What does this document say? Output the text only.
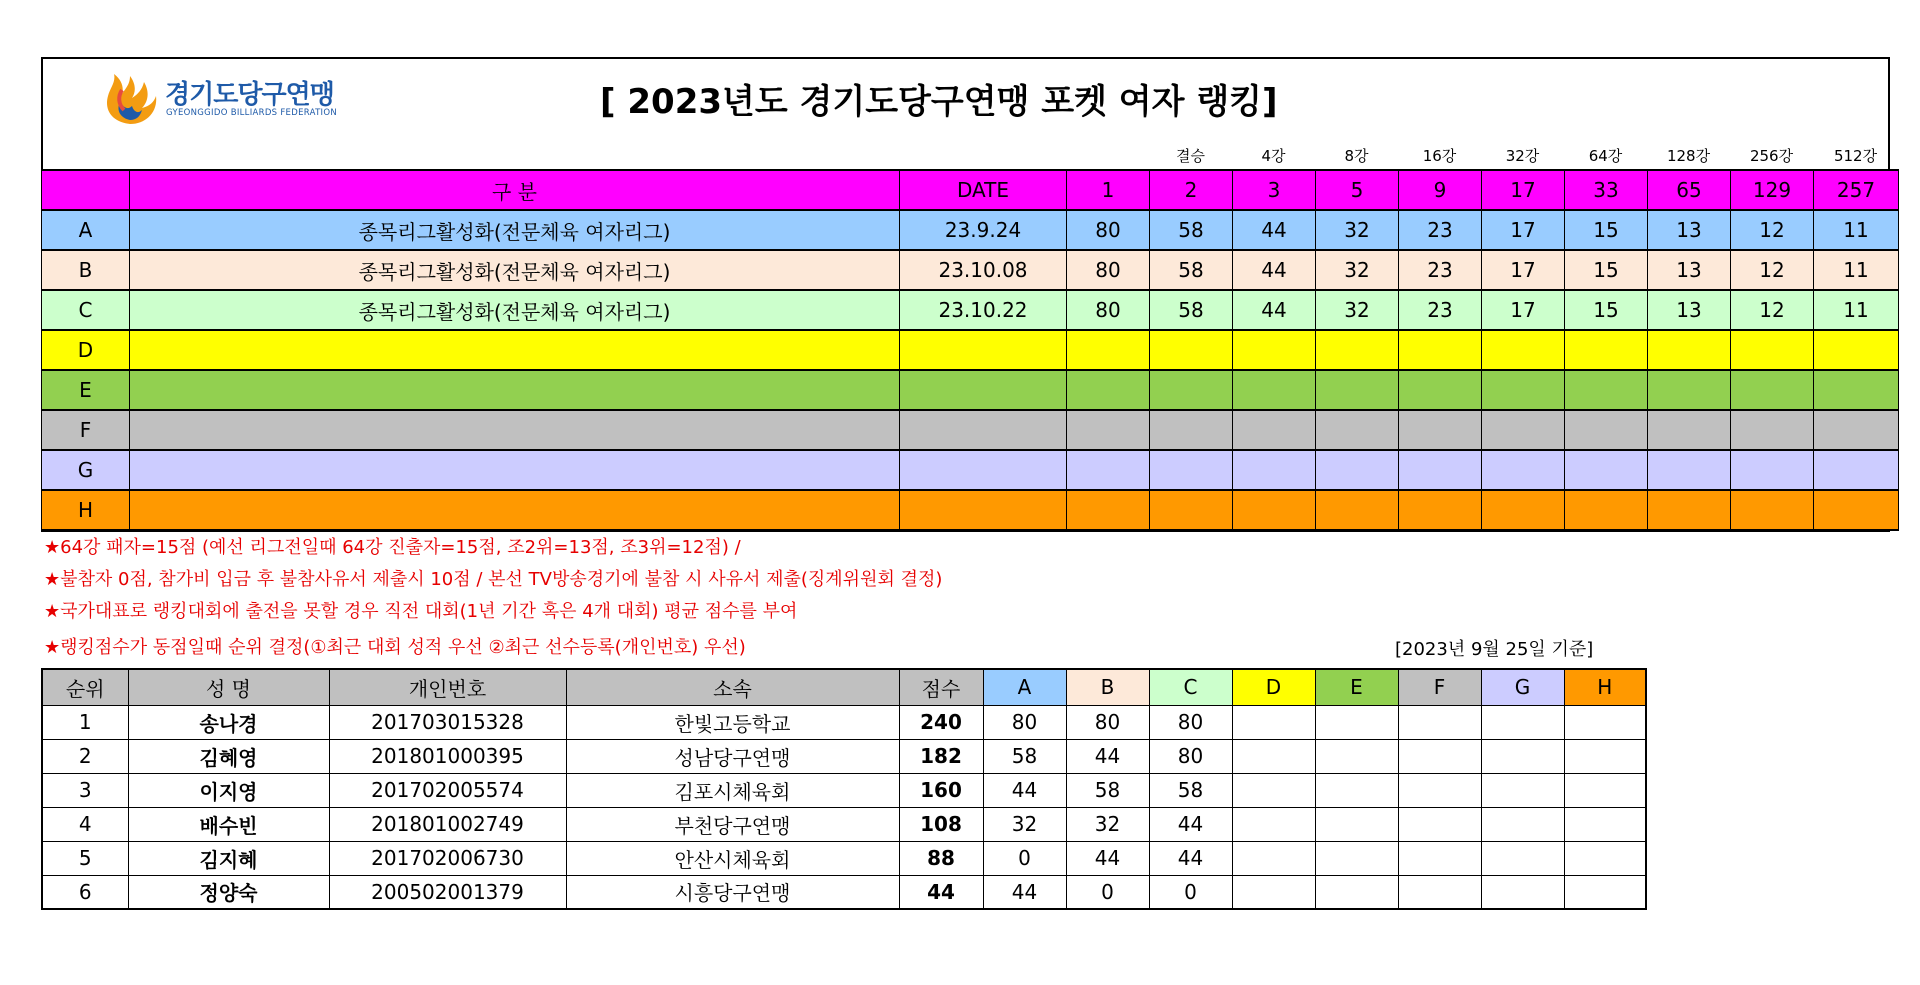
경기도당구연맹
GYEONGGIDO BILLIARDS FEDERATION	[ 2023년도 경기도당구연맹 포켓 여자 랭킹]
결승	4강	8강	16강	32강	64강	128강	256강	512강
	구 분	DATE	1	2	3	5	9	17	33	65	129	257
A	종목리그활성화(전문체육 여자리그)	23.9.24	80	58	44	32	23	17	15	13	12	11
B	종목리그활성화(전문체육 여자리그)	23.10.08	80	58	44	32	23	17	15	13	12	11
C	종목리그활성화(전문체육 여자리그)	23.10.22	80	58	44	32	23	17	15	13	12	11
D												
E												
F												
G												
H												
★64강 패자=15점 (예선 리그전일때 64강 진출자=15점, 조2위=13점, 조3위=12점) /
★불참자 0점, 참가비 입금 후 불참사유서 제출시 10점 / 본선 TV방송경기에 불참 시 사유서 제출(징계위원회 결정)
★국가대표로 랭킹대회에 출전을 못할 경우 직전 대회(1년 기간 혹은 4개 대회) 평균 점수를 부여
★랭킹점수가 동점일때 순위 결정(①최근 대회 성적 우선 ②최근 선수등록(개인번호) 우선)	[2023년 9월 25일 기준]
순위	성 명	개인번호	소속	점수	A	B	C	D	E	F	G	H
1	송나경	201703015328	한빛고등학교	240	80	80	80					
2	김혜영	201801000395	성남당구연맹	182	58	44	80					
3	이지영	201702005574	김포시체육회	160	44	58	58					
4	배수빈	201801002749	부천당구연맹	108	32	32	44					
5	김지혜	201702006730	안산시체육회	88	0	44	44					
6	정양숙	200502001379	시흥당구연맹	44	44	0	0					
